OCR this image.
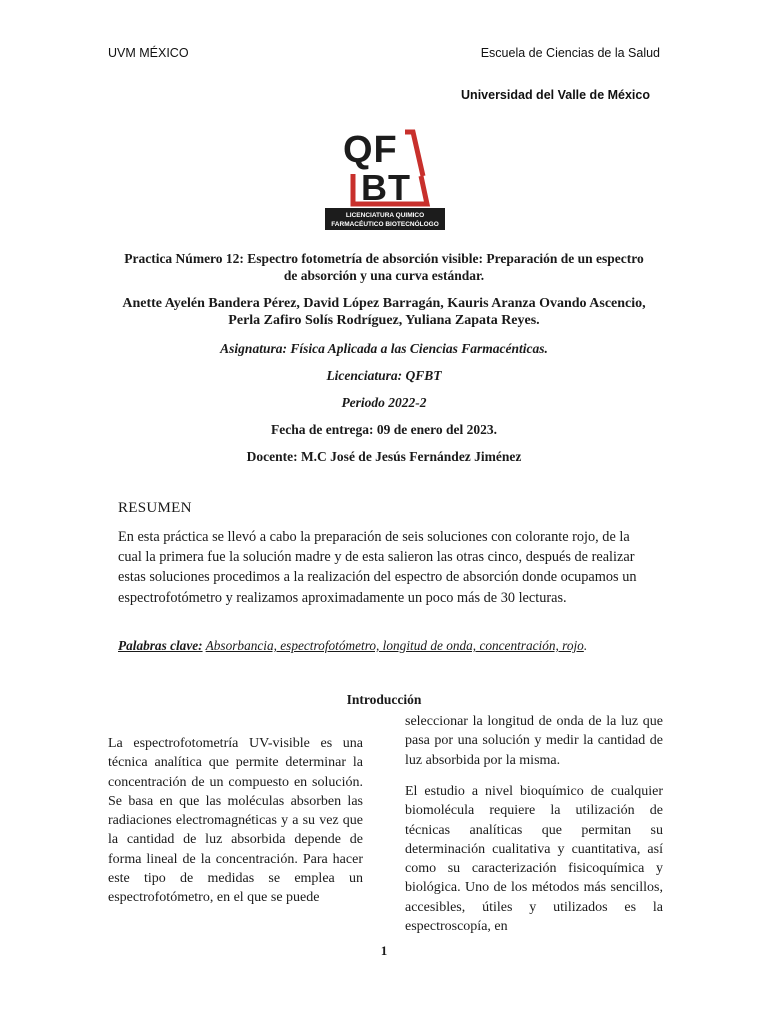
UVM MÉXICO	Escuela de Ciencias de la Salud
Universidad del Valle de México
QF
BT
LICENCIATURA QUIMICO
FARMACÉUTICO BIOTECNÓLOGO
Practica Número 12: Espectro fotometría de absorción visible: Preparación de un espectro de absorción y una curva estándar.
Anette Ayelén Bandera Pérez, David López Barragán, Kauris Aranza Ovando Ascencio, Perla Zafiro Solís Rodríguez, Yuliana Zapata Reyes.
Asignatura: Física Aplicada a las Ciencias Farmacénticas.
Licenciatura: QFBT
Periodo 2022-2
Fecha de entrega: 09 de enero del 2023.
Docente: M.C José de Jesús Fernández Jiménez
RESUMEN

En esta práctica se llevó a cabo la preparación de seis soluciones con colorante rojo, de la cual la primera fue la solución madre y de esta salieron las otras cinco, después de realizar estas soluciones procedimos a la realización del espectro de absorción donde ocupamos un espectrofotómetro y realizamos aproximadamente un poco más de 30 lecturas.

Palabras clave: Absorbancia, espectrofotómetro, longitud de onda, concentración, rojo.

Introducción

La espectrofotometría UV-visible es una técnica analítica que permite determinar la concentración de un compuesto en solución. Se basa en que las moléculas absorben las radiaciones electromagnéticas y a su vez que la cantidad de luz absorbida depende de forma lineal de la concentración. Para hacer este tipo de medidas se emplea un espectrofotómetro, en el que se puede

seleccionar la longitud de onda de la luz que pasa por una solución y medir la cantidad de luz absorbida por la misma.

El estudio a nivel bioquímico de cualquier biomolécula requiere la utilización de técnicas analíticas que permitan su determinación cualitativa y cuantitativa, así como su caracterización fisicoquímica y biológica. Uno de los métodos más sencillos, accesibles, útiles y utilizados es la espectroscopía, en

1
